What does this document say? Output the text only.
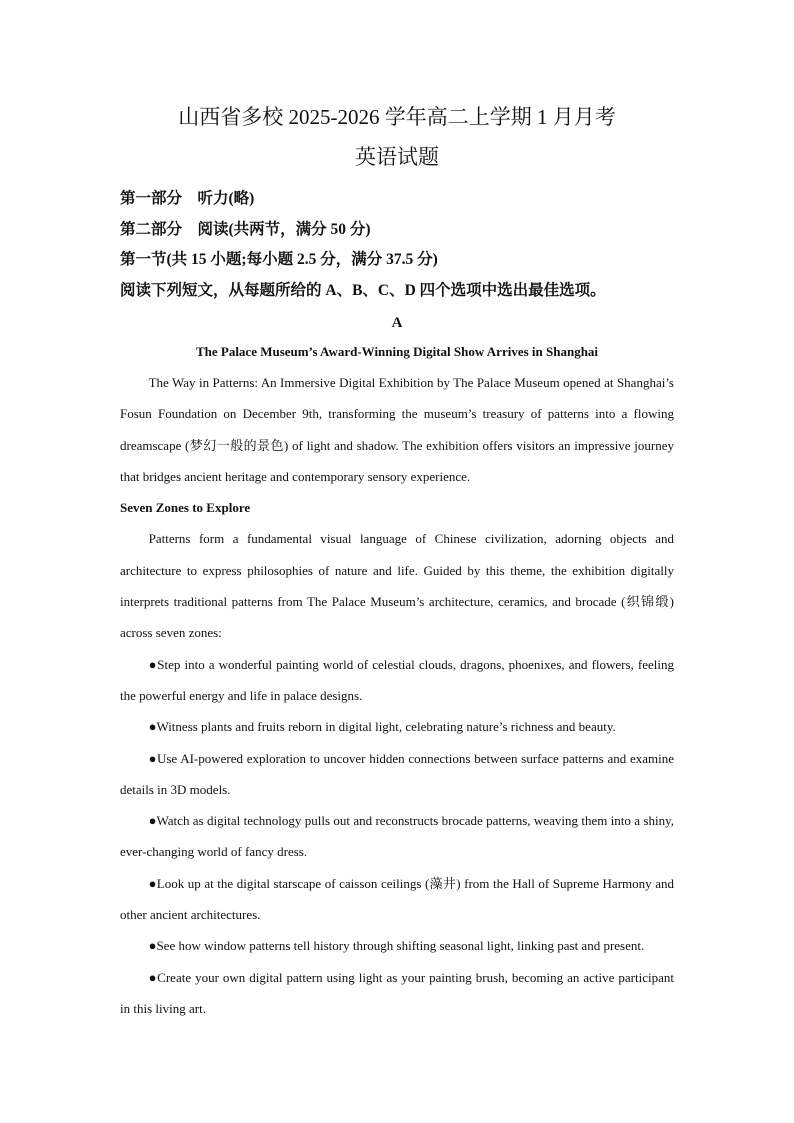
山西省多校 2025-2026 学年高二上学期 1 月月考
英语试题

第一部分　听力(略)

第二部分　阅读(共两节，满分 50 分)

第一节(共 15 小题;每小题 2.5 分，满分 37.5 分)

阅读下列短文，从每题所给的 A、B、C、D 四个选项中选出最佳选项。

A

The Palace Museum’s Award-Winning Digital Show Arrives in Shanghai

The Way in Patterns: An Immersive Digital Exhibition by The Palace Museum opened at Shanghai’s Fosun Foundation on December 9th, transforming the museum’s treasury of patterns into a flowing dreamscape (梦幻一般的景色) of light and shadow. The exhibition offers visitors an impressive journey that bridges ancient heritage and contemporary sensory experience.

Seven Zones to Explore

Patterns form a fundamental visual language of Chinese civilization, adorning objects and architecture to express philosophies of nature and life. Guided by this theme, the exhibition digitally interprets traditional patterns from The Palace Museum’s architecture, ceramics, and brocade (织锦缎) across seven zones:

●Step into a wonderful painting world of celestial clouds, dragons, phoenixes, and flowers, feeling the powerful energy and life in palace designs.
●Witness plants and fruits reborn in digital light, celebrating nature’s richness and beauty.
●Use AI-powered exploration to uncover hidden connections between surface patterns and examine details in 3D models.
●Watch as digital technology pulls out and reconstructs brocade patterns, weaving them into a shiny, ever-changing world of fancy dress.
●Look up at the digital starscape of caisson ceilings (藻井) from the Hall of Supreme Harmony and other ancient architectures.
●See how window patterns tell history through shifting seasonal light, linking past and present.
●Create your own digital pattern using light as your painting brush, becoming an active participant in this living art.
